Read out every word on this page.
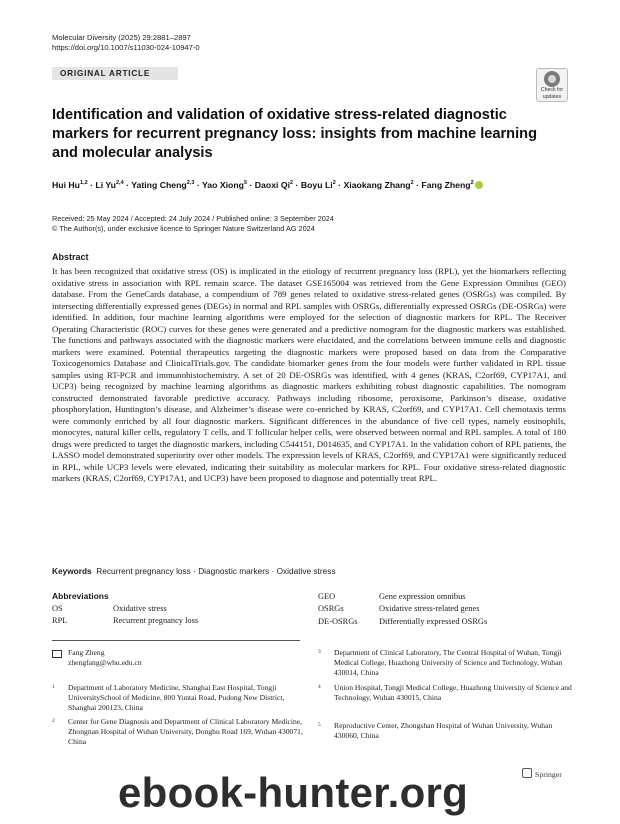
Molecular Diversity (2025) 29:2881–2897
https://doi.org/10.1007/s11030-024-10947-0
ORIGINAL ARTICLE
Check for
updates
Identification and validation of oxidative stress-related diagnostic markers for recurrent pregnancy loss: insights from machine learning and molecular analysis
Hui Hu$^{1,2}$ · Li Yu$^{2,4}$ · Yating Cheng$^{2,3}$ · Yao Xiong$^5$ · Daoxi $Qi^2$ · Boyu $Li^2$ · Xiaokang Zhang$^2$ · Fang Zheng$^2$
Received: 25 May 2024 / Accepted: 24 July 2024 / Published online: 3 September 2024
© The Author(s), under exclusive licence to Springer Nature Switzerland AG 2024
Abstract
It has been recognized that oxidative stress (OS) is implicated in the etiology of recurrent pregnancy loss (RPL), yet the biomarkers reflecting oxidative stress in association with RPL remain scarce. The dataset GSE165004 was retrieved from the Gene Expression Omnibus (GEO) database. From the GeneCards database, a compendium of 789 genes related to oxidative stress-related genes (OSRGs) was compiled. By intersecting differentially expressed genes (DEGs) in normal and RPL samples with OSRGs, differentially expressed OSRGs (DE-OSRGs) were identified. In addition, four machine learning algorithms were employed for the selection of diagnostic markers for RPL. The Receiver Operating Characteristic (ROC) curves for these genes were generated and a predictive nomogram for the diagnostic markers was established. The functions and pathways associated with the diagnostic markers were elucidated, and the correlations between immune cells and diagnostic markers were examined. Potential therapeutics targeting the diagnostic markers were proposed based on data from the Comparative Toxicogenomics Database and ClinicalTrials.gov. The candidate biomarker genes from the four models were further validated in RPL tissue samples using RT-PCR and immunohistochemistry. A set of 20 DE-OSRGs was identified, with 4 genes (KRAS, C2orf69, CYP17A1, and UCP3) being recognized by machine learning algorithms as diagnostic markers exhibiting robust diagnostic capabilities. The nomogram constructed demonstrated favorable predictive accuracy. Pathways including ribosome, peroxisome, Parkinson’s disease, oxidative phosphorylation, Huntington’s disease, and Alzheimer’s disease were co-enriched by KRAS, C2orf69, and CYP17A1. Cell chemotaxis terms were commonly enriched by all four diagnostic markers. Significant differences in the abundance of five cell types, namely eosinophils, monocytes, natural killer cells, regulatory T cells, and T follicular helper cells, were observed between normal and RPL samples. A total of 180 drugs were predicted to target the diagnostic markers, including C544151, D014635, and CYP17A1. In the validation cohort of RPL patients, the LASSO model demonstrated superiority over other models. The expression levels of KRAS, C2orf69, and CYP17A1 were significantly reduced in RPL, while UCP3 levels were elevated, indicating their suitability as molecular markers for RPL. Four oxidative stress-related diagnostic markers (KRAS, C2orf69, CYP17A1, and UCP3) have been proposed to diagnose and potentially treat RPL.
Keywords Recurrent pregnancy loss · Diagnostic markers · Oxidative stress
Abbreviations
OS	Oxidative stress
RPL	Recurrent pregnancy loss
GEO	Gene expression omnibus
OSRGs	Oxidative stress-related genes
DE-OSRGs	Differentially expressed OSRGs
Fang Zheng
zhengfang@whu.edu.cn
1 Department of Laboratory Medicine, Shanghai East Hospital, Tongji UniversitySchool of Medicine, 800 Yuntai Road, Pudong New District, Shanghai 200123, China
2 Center for Gene Diagnosis and Department of Clinical Laboratory Medicine, Zhongnan Hospital of Wuhan University, Donghu Road 169, Wuhan 430071, China
3 Department of Clinical Laboratory, The Central Hospital of Wuhan, Tongji Medical College, Huazhong University of Science and Technology, Wuhan 430014, China
4 Union Hospital, Tongji Medical College, Huazhong University of Science and Technology, Wuhan 430015, China
5 Reproductive Center, Zhongshan Hospital of Wuhan University, Wuhan 430060, China
Springer
ebook-hunter.org
